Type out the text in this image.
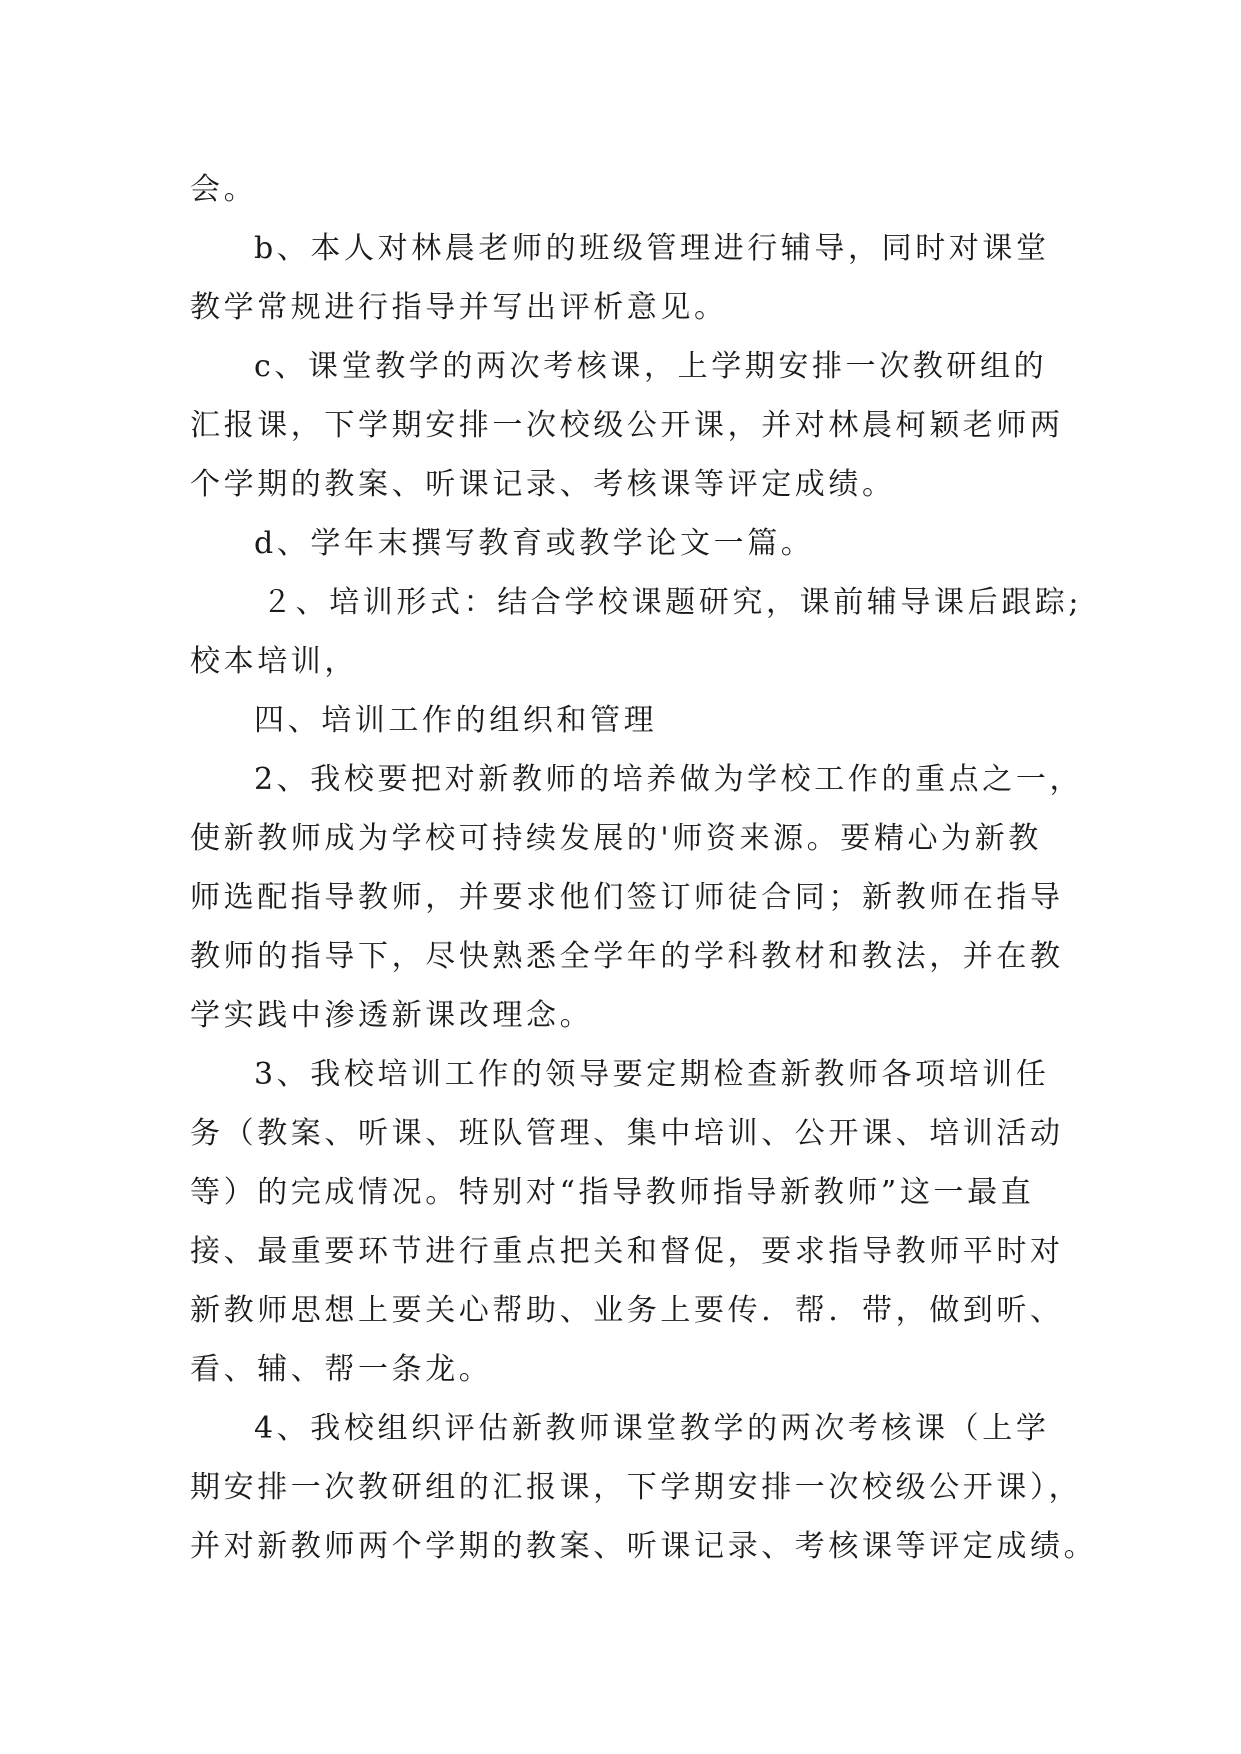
会。
b、本人对林晨老师的班级管理进行辅导，同时对课堂
教学常规进行指导并写出评析意见。
c、课堂教学的两次考核课，上学期安排一次教研组的
汇报课，下学期安排一次校级公开课，并对林晨柯颖老师两
个学期的教案、听课记录、考核课等评定成绩。
d、学年末撰写教育或教学论文一篇。
２、培训形式：结合学校课题研究，课前辅导课后跟踪;
校本培训，
四、培训工作的组织和管理
2、我校要把对新教师的培养做为学校工作的重点之一，
使新教师成为学校可持续发展的'师资来源。要精心为新教
师选配指导教师，并要求他们签订师徒合同；新教师在指导
教师的指导下，尽快熟悉全学年的学科教材和教法，并在教
学实践中渗透新课改理念。
3、我校培训工作的领导要定期检查新教师各项培训任
务（教案、听课、班队管理、集中培训、公开课、培训活动
等）的完成情况。特别对“指导教师指导新教师”这一最直
接、最重要环节进行重点把关和督促，要求指导教师平时对
新教师思想上要关心帮助、业务上要传．帮．带，做到听、
看、辅、帮一条龙。
4、我校组织评估新教师课堂教学的两次考核课（上学
期安排一次教研组的汇报课，下学期安排一次校级公开课），
并对新教师两个学期的教案、听课记录、考核课等评定成绩。
